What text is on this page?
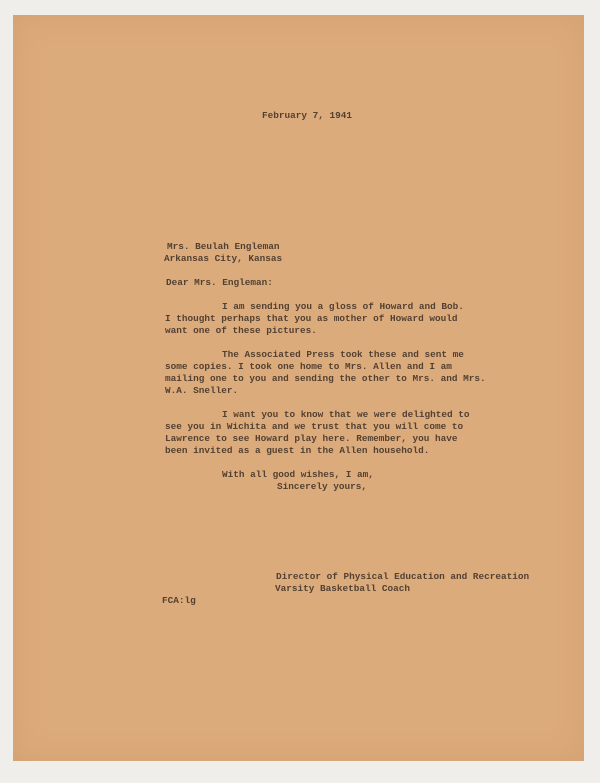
February 7, 1941
Mrs. Beulah Engleman
Arkansas City, Kansas
Dear Mrs. Engleman:
I am sending you a gloss of Howard and Bob.
I thought perhaps that you as mother of Howard would
want one of these pictures.
The Associated Press took these and sent me
some copies. I took one home to Mrs. Allen and I am
mailing one to you and sending the other to Mrs. and Mrs.
W.A. Sneller.
I want you to know that we were delighted to
see you in Wichita and we trust that you will come to
Lawrence to see Howard play here. Remember, you have
been invited as a guest in the Allen household.
With all good wishes, I am,
Sincerely yours,
Director of Physical Education and Recreation
Varsity Basketball Coach
FCA:lg
